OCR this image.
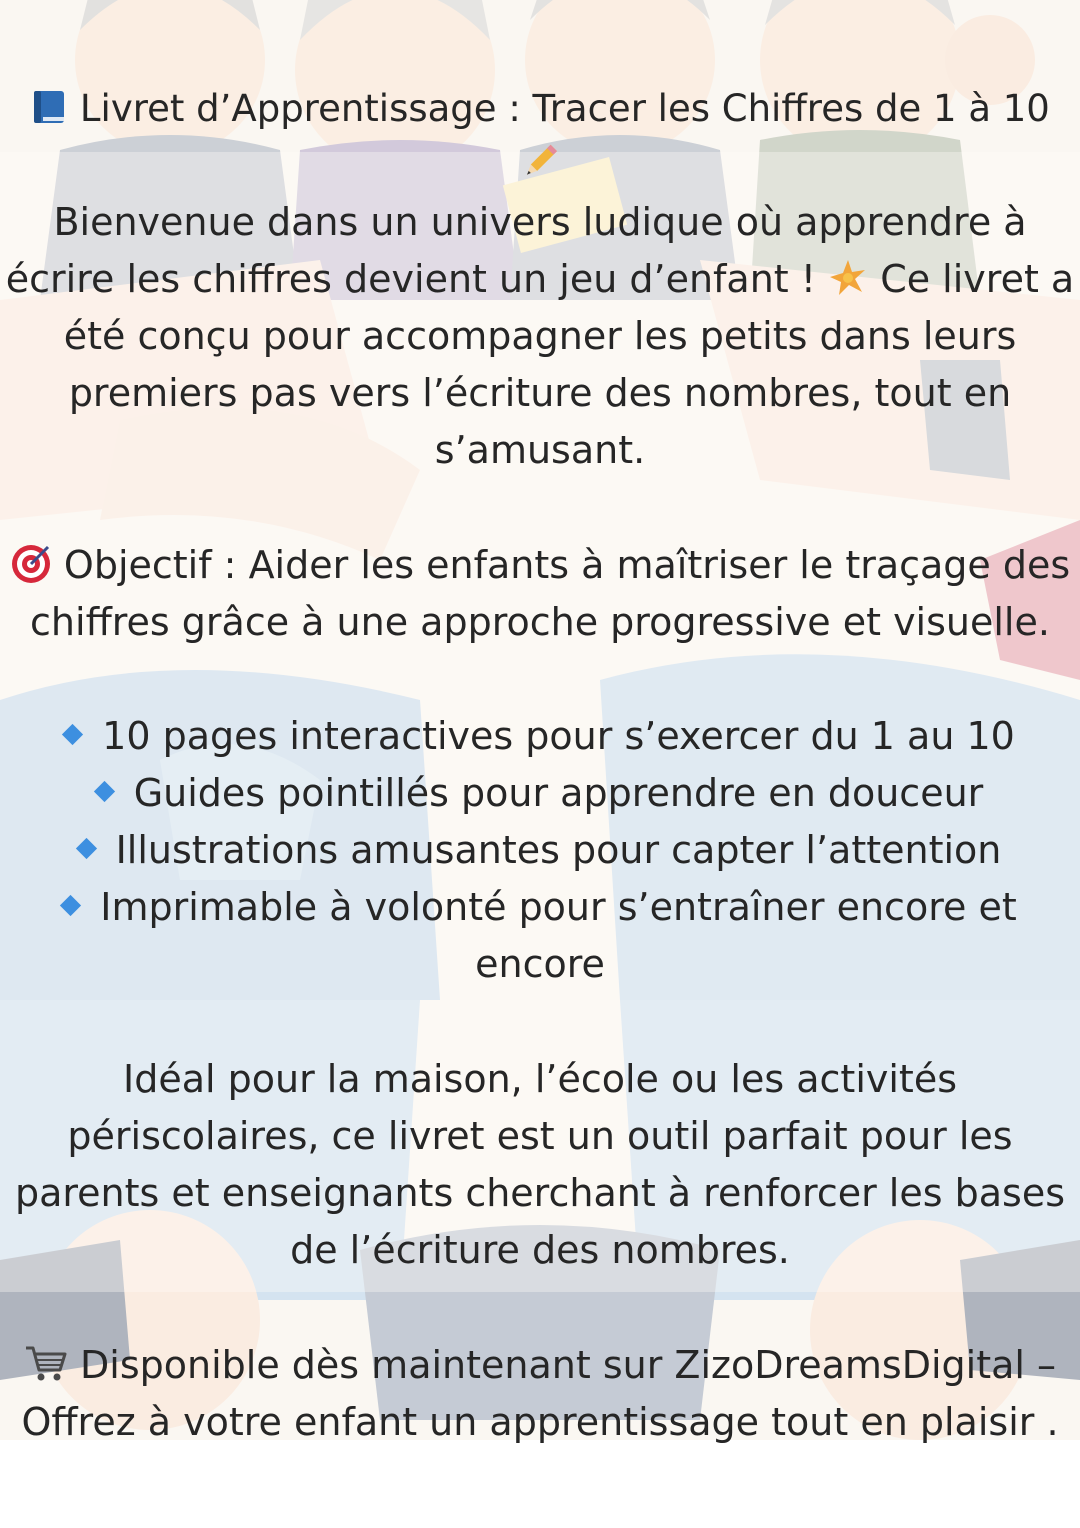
Livret d’Apprentissage : Tracer les Chiffres de 1 à 10

Bienvenue dans un univers ludique où apprendre à
écrire les chiffres devient un jeu d’enfant ! Ce livret a
été conçu pour accompagner les petits dans leurs
premiers pas vers l’écriture des nombres, tout en
s’amusant.
Objectif : Aider les enfants à maîtriser le traçage des
chiffres grâce à une approche progressive et visuelle.
10 pages interactives pour s’exercer du 1 au 10
Guides pointillés pour apprendre en douceur
Illustrations amusantes pour capter l’attention
Imprimable à volonté pour s’entraîner encore et
encore
Idéal pour la maison, l’école ou les activités
périscolaires, ce livret est un outil parfait pour les
parents et enseignants cherchant à renforcer les bases
de l’écriture des nombres.
Disponible dès maintenant sur ZizoDreamsDigital –
Offrez à votre enfant un apprentissage tout en plaisir .
